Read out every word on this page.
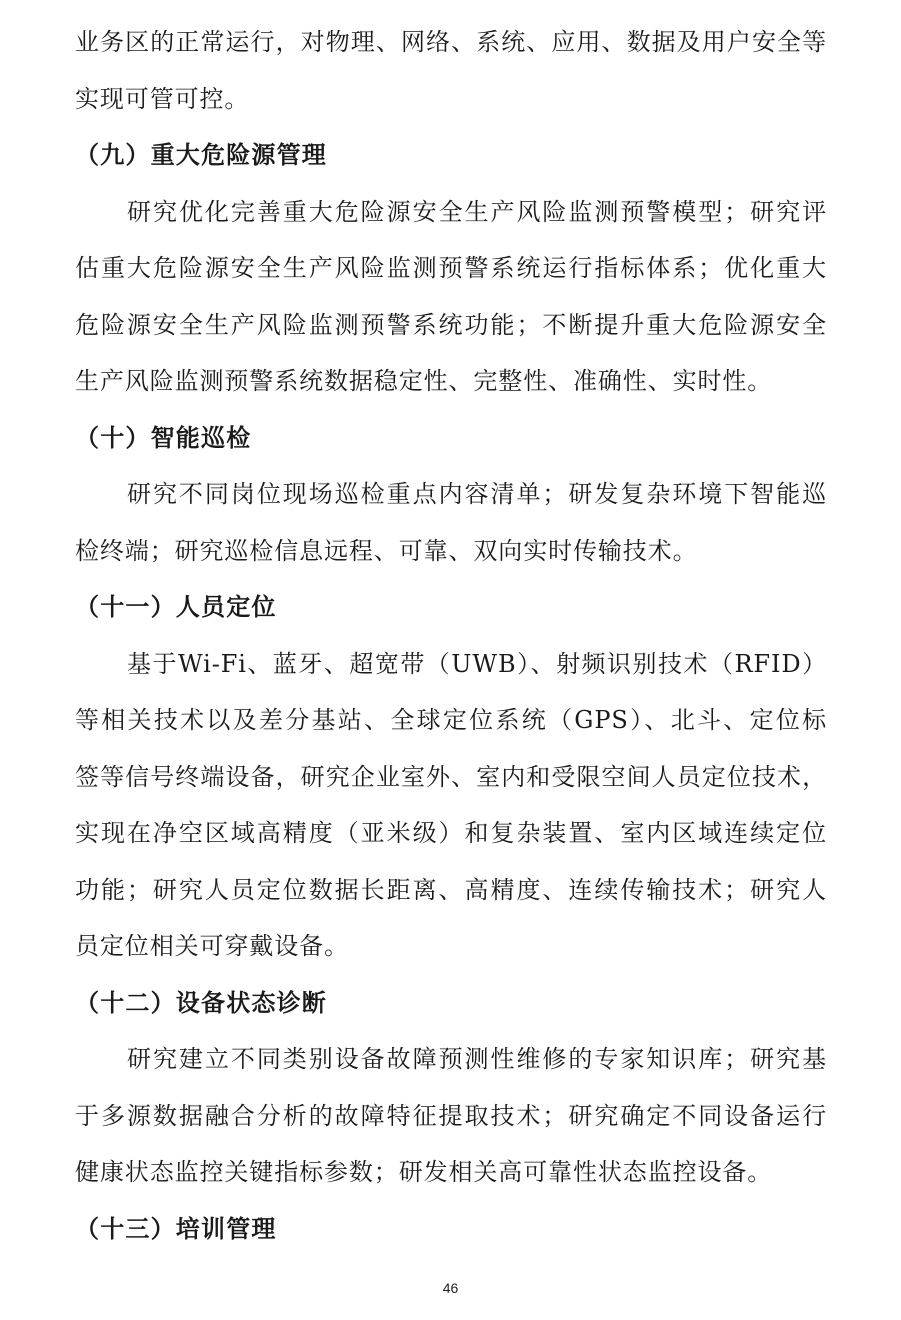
业务区的正常运行，对物理、网络、系统、应用、数据及用户安全等
实现可管可控。
（九）重大危险源管理
研究优化完善重大危险源安全生产风险监测预警模型；研究评
估重大危险源安全生产风险监测预警系统运行指标体系；优化重大
危险源安全生产风险监测预警系统功能；不断提升重大危险源安全
生产风险监测预警系统数据稳定性、完整性、准确性、实时性。
（十）智能巡检
研究不同岗位现场巡检重点内容清单；研发复杂环境下智能巡
检终端；研究巡检信息远程、可靠、双向实时传输技术。
（十一）人员定位
基于Wi-Fi、蓝牙、超宽带（UWB）、射频识别技术（RFID）
等相关技术以及差分基站、全球定位系统（GPS）、北斗、定位标
签等信号终端设备，研究企业室外、室内和受限空间人员定位技术，
实现在净空区域高精度（亚米级）和复杂装置、室内区域连续定位
功能；研究人员定位数据长距离、高精度、连续传输技术；研究人
员定位相关可穿戴设备。
（十二）设备状态诊断
研究建立不同类别设备故障预测性维修的专家知识库；研究基
于多源数据融合分析的故障特征提取技术；研究确定不同设备运行
健康状态监控关键指标参数；研发相关高可靠性状态监控设备。
（十三）培训管理
46
